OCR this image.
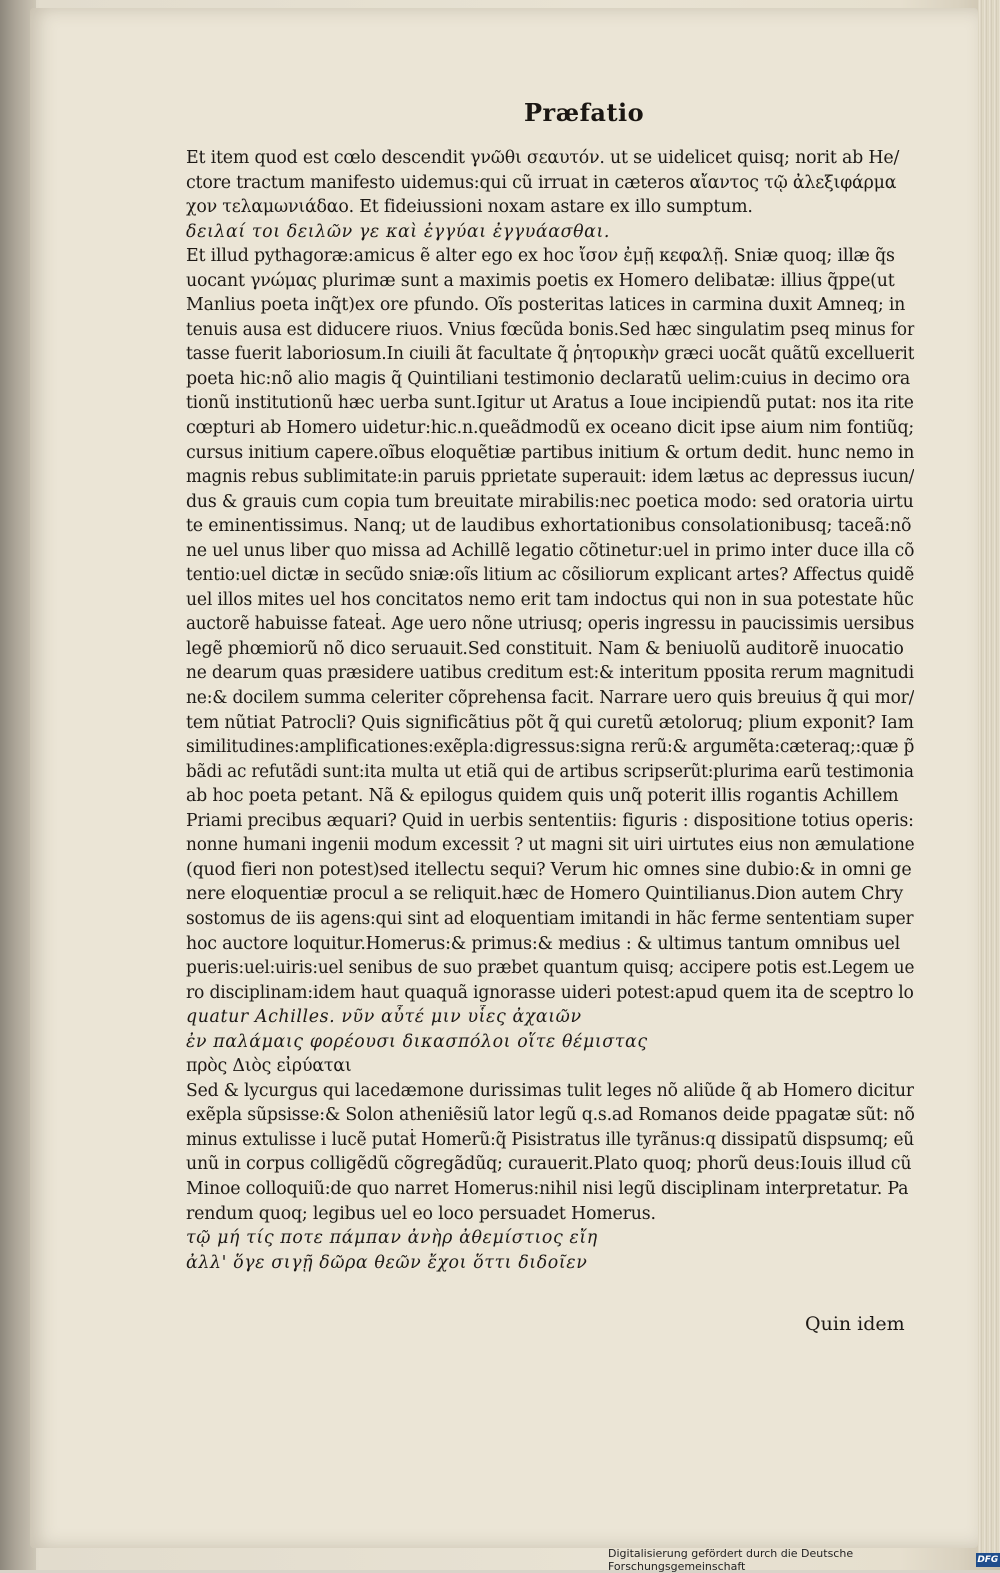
Præfatio
Et item quod est cœlo descendit γνῶθι σεαυτόν. ut se uidelicet quisq; norit ab He/
ctore tractum manifesto uidemus:qui cũ irruat in cæteros αἴαντος τῷ ἀλεξιφάρμα
χον τελαμωνιάδαο. Et fideiussioni noxam astare ex illo sumptum.
δειλαί τοι δειλῶν γε καὶ ἐγγύαι ἐγγυάασθαι.
Et illud pythagoræ:amicus ẽ alter ego ex hoc ἴσον ἐμῇ κεφαλῇ. Sniæ quoq; illæ q̃s
uocant γνώμας plurimæ sunt a maximis poetis ex Homero delibatæ: illius q̃ppe(ut
Manlius poeta inq̃t)ex ore pfundo. Oĩs posteritas latices in carmina duxit Amneq; in
tenuis ausa est diducere riuos. Vnius fœcũda bonis.Sed hæc singulatim pseq minus for
tasse fuerit laboriosum.In ciuili ãt facultate q̃ ῥητορικὴν græci uocãt quãtũ excelluerit
poeta hic:nõ alio magis q̃ Quintiliani testimonio declaratũ uelim:cuius in decimo ora
tionũ institutionũ hæc uerba sunt.Igitur ut Aratus a Ioue incipiendũ putat: nos ita rite
cœpturi ab Homero uidetur:hic.n.queãdmodũ ex oceano dicit ipse aium nim fontiũq;
cursus initium capere.oĩbus eloquẽtiæ partibus initium & ortum dedit. hunc nemo in
magnis rebus sublimitate:in paruis pprietate superauit: idem lætus ac depressus iucun/
dus & grauis cum copia tum breuitate mirabilis:nec poetica modo: sed oratoria uirtu
te eminentissimus. Nanq; ut de laudibus exhortationibus consolationibusq; taceã:nõ
ne uel unus liber quo missa ad Achillẽ legatio cõtinetur:uel in primo inter duce illa cõ
tentio:uel dictæ in secũdo sniæ:oĩs litium ac cõsiliorum explicant artes? Affectus quidẽ
uel illos mites uel hos concitatos nemo erit tam indoctus qui non in sua potestate hũc
auctorẽ habuisse fateaṫ. Age uero nõne utriusq; operis ingressu in paucissimis uersibus
legẽ phœmiorũ nõ dico seruauit.Sed constituit. Nam & beniuolũ auditorẽ inuocatio
ne dearum quas præsidere uatibus creditum est:& interitum pposita rerum magnitudi
ne:& docilem summa celeriter cõprehensa facit. Narrare uero quis breuius q̃ qui mor/
tem nũtiat Patrocli? Quis significãtius põt q̃ qui curetũ ætoloruq; plium exponit? Iam
similitudines:amplificationes:exẽpla:digressus:signa rerũ:& argumẽta:cæteraq;:quæ p̃
bãdi ac refutãdi sunt:ita multa ut etiã qui de artibus scripserũt:plurima earũ testimonia
ab hoc poeta petant. Nã & epilogus quidem quis unq̃ poterit illis rogantis Achillem
Priami precibus æquari? Quid in uerbis sententiis: figuris : dispositione totius operis:
nonne humani ingenii modum excessit ? ut magni sit uiri uirtutes eius non æmulatione
(quod fieri non potest)sed itellectu sequi? Verum hic omnes sine dubio:& in omni ge
nere eloquentiæ procul a se reliquit.hæc de Homero Quintilianus.Dion autem Chry
sostomus de iis agens:qui sint ad eloquentiam imitandi in hãc ferme sententiam super
hoc auctore loquitur.Homerus:& primus:& medius : & ultimus tantum omnibus uel
pueris:uel:uiris:uel senibus de suo præbet quantum quisq; accipere potis est.Legem ue
ro disciplinam:idem haut quaquã ignorasse uideri potest:apud quem ita de sceptro lo
quatur Achilles. νῦν αὖτέ μιν υἷες ἀχαιῶν
ἐν παλάμαις φορέουσι δικασπόλοι οἵτε θέμιστας
πρὸς Διὸς εἰρύαται
Sed & lycurgus qui lacedæmone durissimas tulit leges nõ aliũde q̃ ab Homero dicitur
exẽpla sũpsisse:& Solon atheniẽsiũ lator legũ q.s.ad Romanos deide ppagatæ sũt: nõ
minus extulisse i lucẽ putaṫ Homerũ:q̃ Pisistratus ille tyrãnus:q dissipatũ dispsumq; eũ
unũ in corpus colligẽdũ cõgregãdũq; curauerit.Plato quoq; phorũ deus:Iouis illud cũ
Minoe colloquiũ:de quo narret Homerus:nihil nisi legũ disciplinam interpretatur. Pa
rendum quoq; legibus uel eo loco persuadet Homerus.
τῷ μή τίς ποτε πάμπαν ἀνὴρ ἀθεμίστιος εἴη
ἀλλ' ὅγε σιγῇ δῶρα θεῶν ἔχοι ὅττι διδοῖεν
Quin idem
Digitalisierung gefördert durch die Deutsche Forschungsgemeinschaft	DFG
